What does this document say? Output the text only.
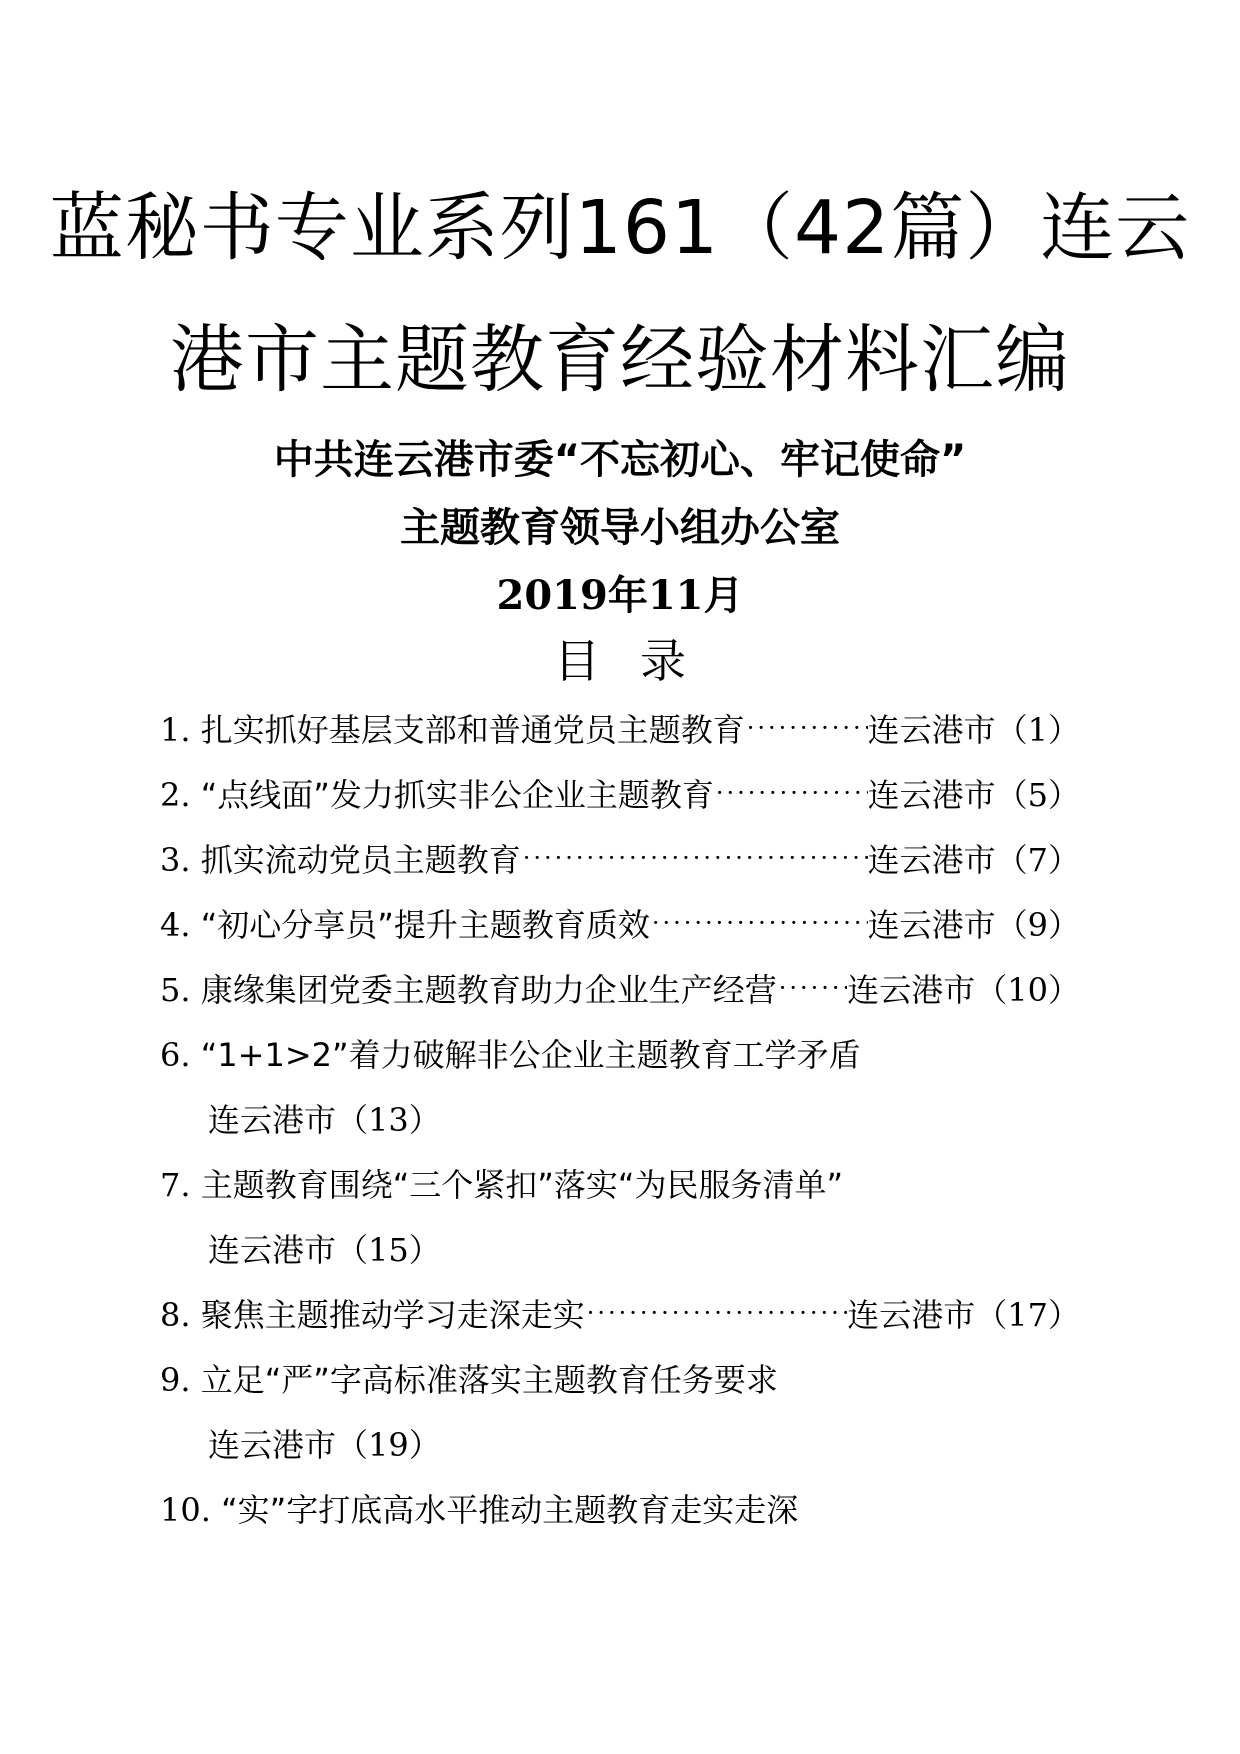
蓝秘书专业系列161（42篇）连云
港市主题教育经验材料汇编
中共连云港市委“不忘初心、牢记使命”
主题教育领导小组办公室
2019年11月
目录
1. 扎实抓好基层支部和普通党员主题教育 ·····	连云港市（1）
2. “点线面”发力抓实非公企业主题教育 ·····	连云港市（5）
3. 抓实流动党员主题教育 ·····	连云港市（7）
4. “初心分享员”提升主题教育质效 ·····	连云港市（9）
5. 康缘集团党委主题教育助力企业生产经营 ····· 连云港市（10）
6. “1+1>2”着力破解非公企业主题教育工学矛盾
连云港市 （13）
7. 主题教育围绕“三个紧扣”落实“为民服务清单”
连云港市 （15）
8. 聚焦主题推动学习走深走实 ·····	连云港市（17）
9. 立足“严”字高标准落实主题教育任务要求
连云港市 （19）
10. “实”字打底高水平推动主题教育走实走深
